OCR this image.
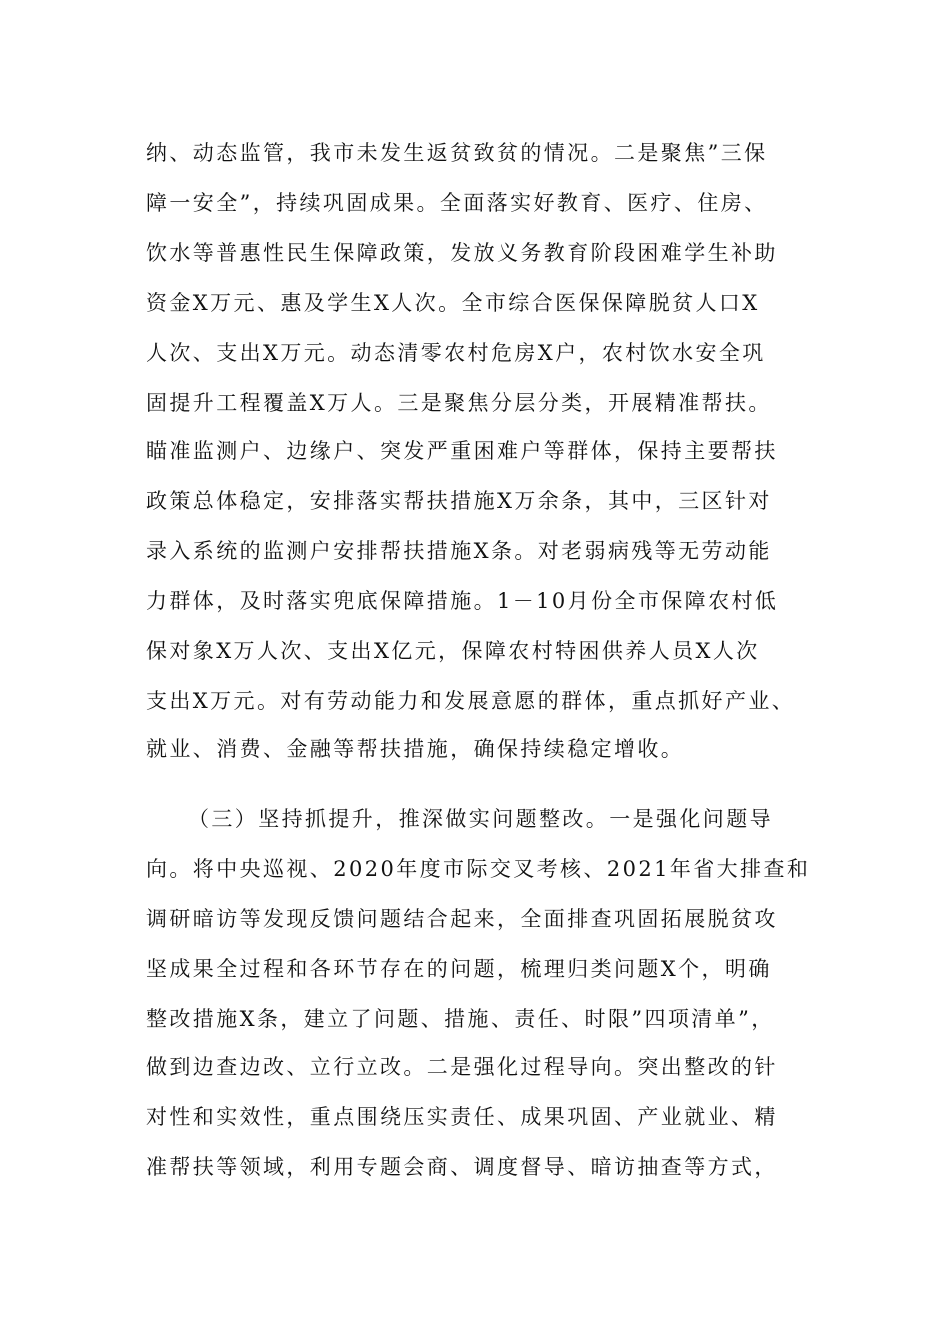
纳、动态监管，我市未发生返贫致贫的情况。二是聚焦”三保
障一安全”，持续巩固成果。全面落实好教育、医疗、住房、
饮水等普惠性民生保障政策，发放义务教育阶段困难学生补助
资金X万元、惠及学生X人次。全市综合医保保障脱贫人口X
人次、支出X万元。动态清零农村危房X户，农村饮水安全巩
固提升工程覆盖X万人。三是聚焦分层分类，开展精准帮扶。
瞄准监测户、边缘户、突发严重困难户等群体，保持主要帮扶
政策总体稳定，安排落实帮扶措施X万余条，其中，三区针对
录入系统的监测户安排帮扶措施X条。对老弱病残等无劳动能
力群体，及时落实兜底保障措施。1－10月份全市保障农村低
保对象X万人次、支出X亿元，保障农村特困供养人员X人次
支出X万元。对有劳动能力和发展意愿的群体，重点抓好产业、
就业、消费、金融等帮扶措施，确保持续稳定增收。
（三）坚持抓提升，推深做实问题整改。一是强化问题导
向。将中央巡视、2020年度市际交叉考核、2021年省大排查和
调研暗访等发现反馈问题结合起来，全面排查巩固拓展脱贫攻
坚成果全过程和各环节存在的问题，梳理归类问题X个，明确
整改措施X条，建立了问题、措施、责任、时限”四项清单”，
做到边查边改、立行立改。二是强化过程导向。突出整改的针
对性和实效性，重点围绕压实责任、成果巩固、产业就业、精
准帮扶等领域，利用专题会商、调度督导、暗访抽查等方式，
